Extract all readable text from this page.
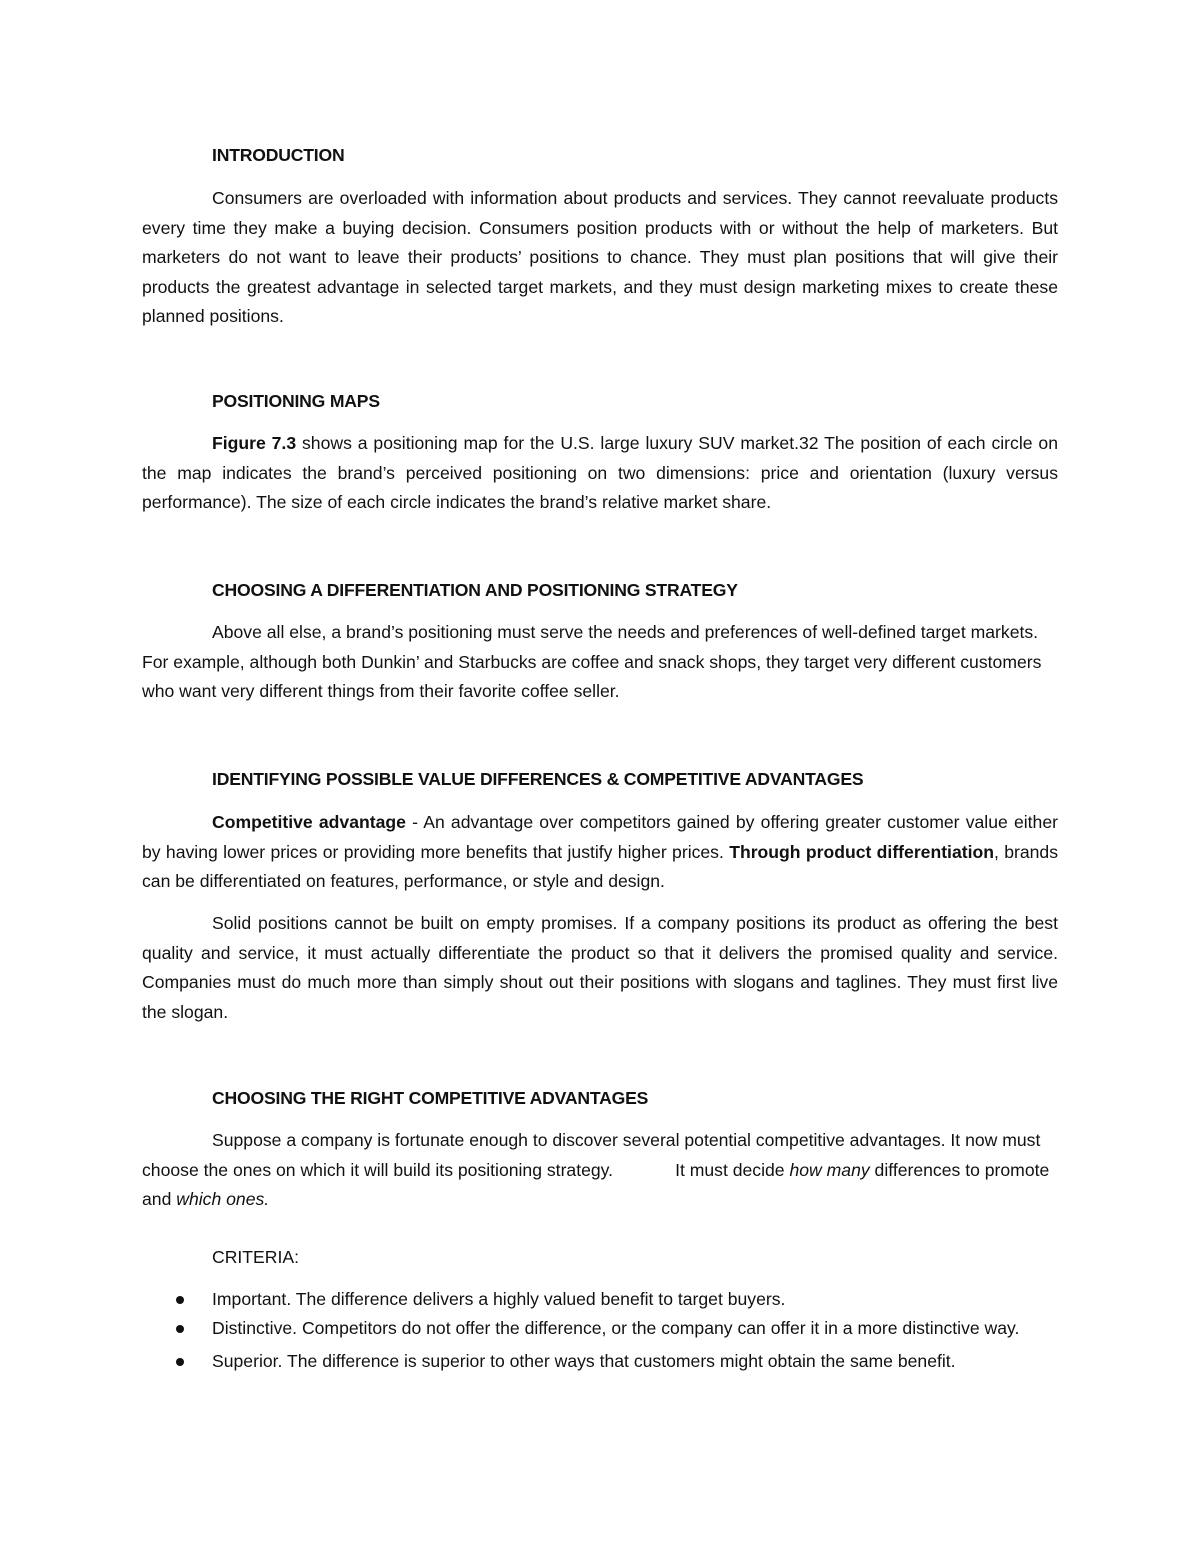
INTRODUCTION

Consumers are overloaded with information about products and services. They cannot reevaluate products every time they make a buying decision. Consumers position products with or without the help of marketers. But marketers do not want to leave their products’ positions to chance. They must plan positions that will give their products the greatest advantage in selected target markets, and they must design marketing mixes to create these planned positions.

POSITIONING MAPS

Figure 7.3 shows a positioning map for the U.S. large luxury SUV market.32 The position of each circle on the map indicates the brand’s perceived positioning on two dimensions: price and orientation (luxury versus performance). The size of each circle indicates the brand’s relative market share.

CHOOSING A DIFFERENTIATION AND POSITIONING STRATEGY

Above all else, a brand’s positioning must serve the needs and preferences of well-defined target markets. For example, although both Dunkin’ and Starbucks are coffee and snack shops, they target very different customers who want very different things from their favorite coffee seller.

IDENTIFYING POSSIBLE VALUE DIFFERENCES & COMPETITIVE ADVANTAGES

Competitive advantage - An advantage over competitors gained by offering greater customer value either by having lower prices or providing more benefits that justify higher prices. Through product differentiation, brands can be differentiated on features, performance, or style and design.

Solid positions cannot be built on empty promises. If a company positions its product as offering the best quality and service, it must actually differentiate the product so that it delivers the promised quality and service. Companies must do much more than simply shout out their positions with slogans and taglines. They must first live the slogan.

CHOOSING THE RIGHT COMPETITIVE ADVANTAGES

Suppose a company is fortunate enough to discover several potential competitive advantages. It now must choose the ones on which it will build its positioning strategy.	It must decide how many differences to promote and which ones.

CRITERIA:
Important. The difference delivers a highly valued benefit to target buyers.
Distinctive. Competitors do not offer the difference, or the company can offer it in a more distinctive way.
Superior. The difference is superior to other ways that customers might obtain the same benefit.
